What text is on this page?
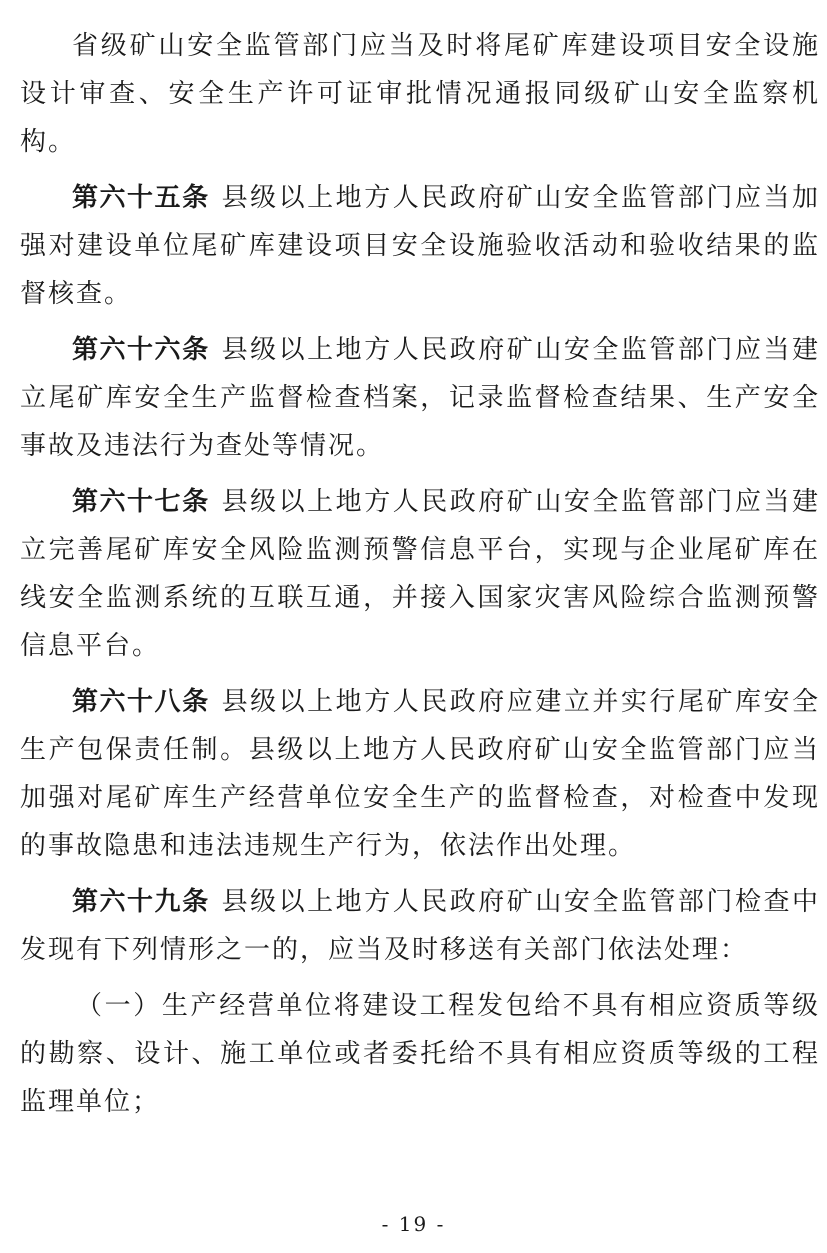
省级矿山安全监管部门应当及时将尾矿库建设项目安全设施设计审查、安全生产许可证审批情况通报同级矿山安全监察机构。

第六十五条 县级以上地方人民政府矿山安全监管部门应当加强对建设单位尾矿库建设项目安全设施验收活动和验收结果的监督核查。

第六十六条 县级以上地方人民政府矿山安全监管部门应当建立尾矿库安全生产监督检查档案，记录监督检查结果、生产安全事故及违法行为查处等情况。

第六十七条 县级以上地方人民政府矿山安全监管部门应当建立完善尾矿库安全风险监测预警信息平台，实现与企业尾矿库在线安全监测系统的互联互通，并接入国家灾害风险综合监测预警信息平台。

第六十八条 县级以上地方人民政府应建立并实行尾矿库安全生产包保责任制。县级以上地方人民政府矿山安全监管部门应当加强对尾矿库生产经营单位安全生产的监督检查，对检查中发现的事故隐患和违法违规生产行为，依法作出处理。

第六十九条 县级以上地方人民政府矿山安全监管部门检查中发现有下列情形之一的，应当及时移送有关部门依法处理：

（一）生产经营单位将建设工程发包给不具有相应资质等级的勘察、设计、施工单位或者委托给不具有相应资质等级的工程监理单位；

- 19 -
